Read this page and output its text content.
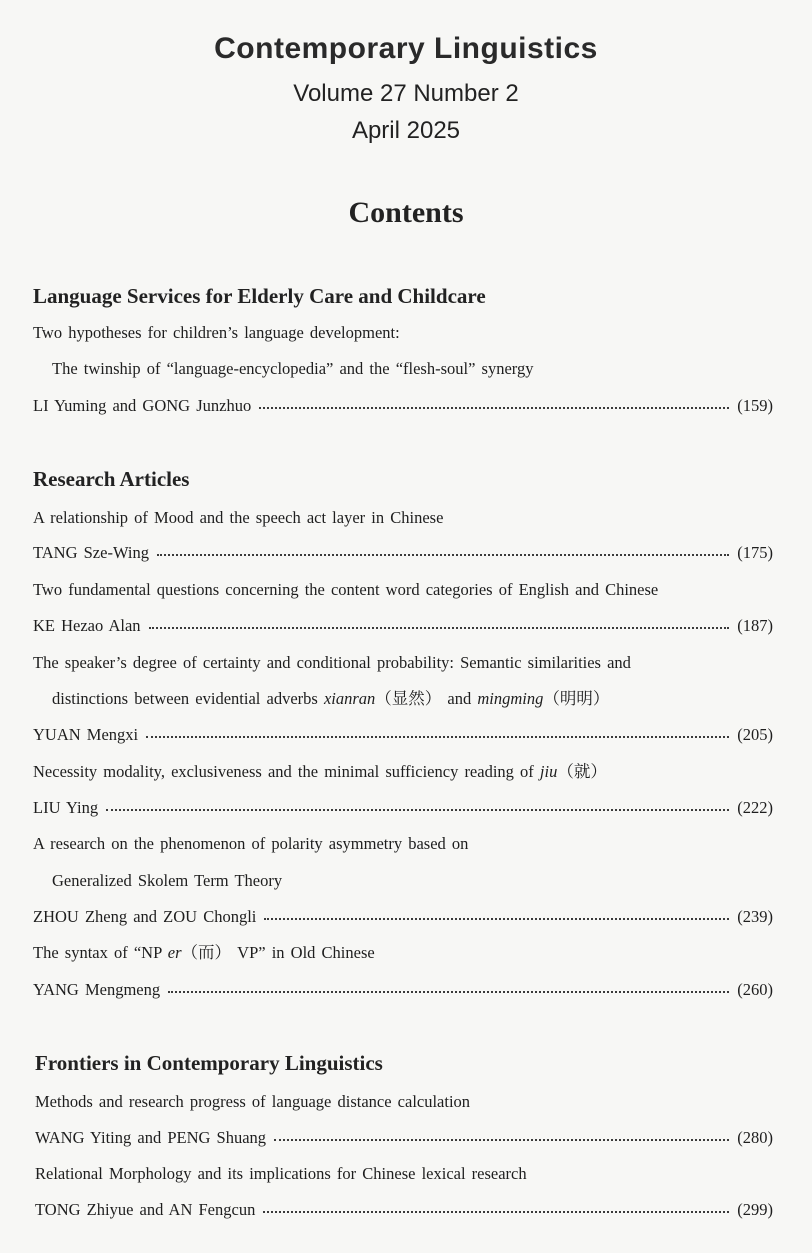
Contemporary Linguistics
Volume 27 Number 2
April 2025
Contents
Language Services for Elderly Care and Childcare
Two hypotheses for children’s language development:
The twinship of “language-encyclopedia” and the “flesh-soul” synergy
LI Yuming and GONG Junzhuo	(159)
Research Articles
A relationship of Mood and the speech act layer in Chinese
TANG Sze-Wing	(175)
Two fundamental questions concerning the content word categories of English and Chinese
KE Hezao Alan	(187)
The speaker’s degree of certainty and conditional probability: Semantic similarities and
distinctions between evidential adverbs xianran（显然） and mingming（明明）
YUAN Mengxi	(205)
Necessity modality, exclusiveness and the minimal sufficiency reading of jiu（就）
LIU Ying	(222)
A research on the phenomenon of polarity asymmetry based on
Generalized Skolem Term Theory
ZHOU Zheng and ZOU Chongli	(239)
The syntax of “NP er（而） VP” in Old Chinese
YANG Mengmeng	(260)
Frontiers in Contemporary Linguistics
Methods and research progress of language distance calculation
WANG Yiting and PENG Shuang	(280)
Relational Morphology and its implications for Chinese lexical research
TONG Zhiyue and AN Fengcun	(299)
